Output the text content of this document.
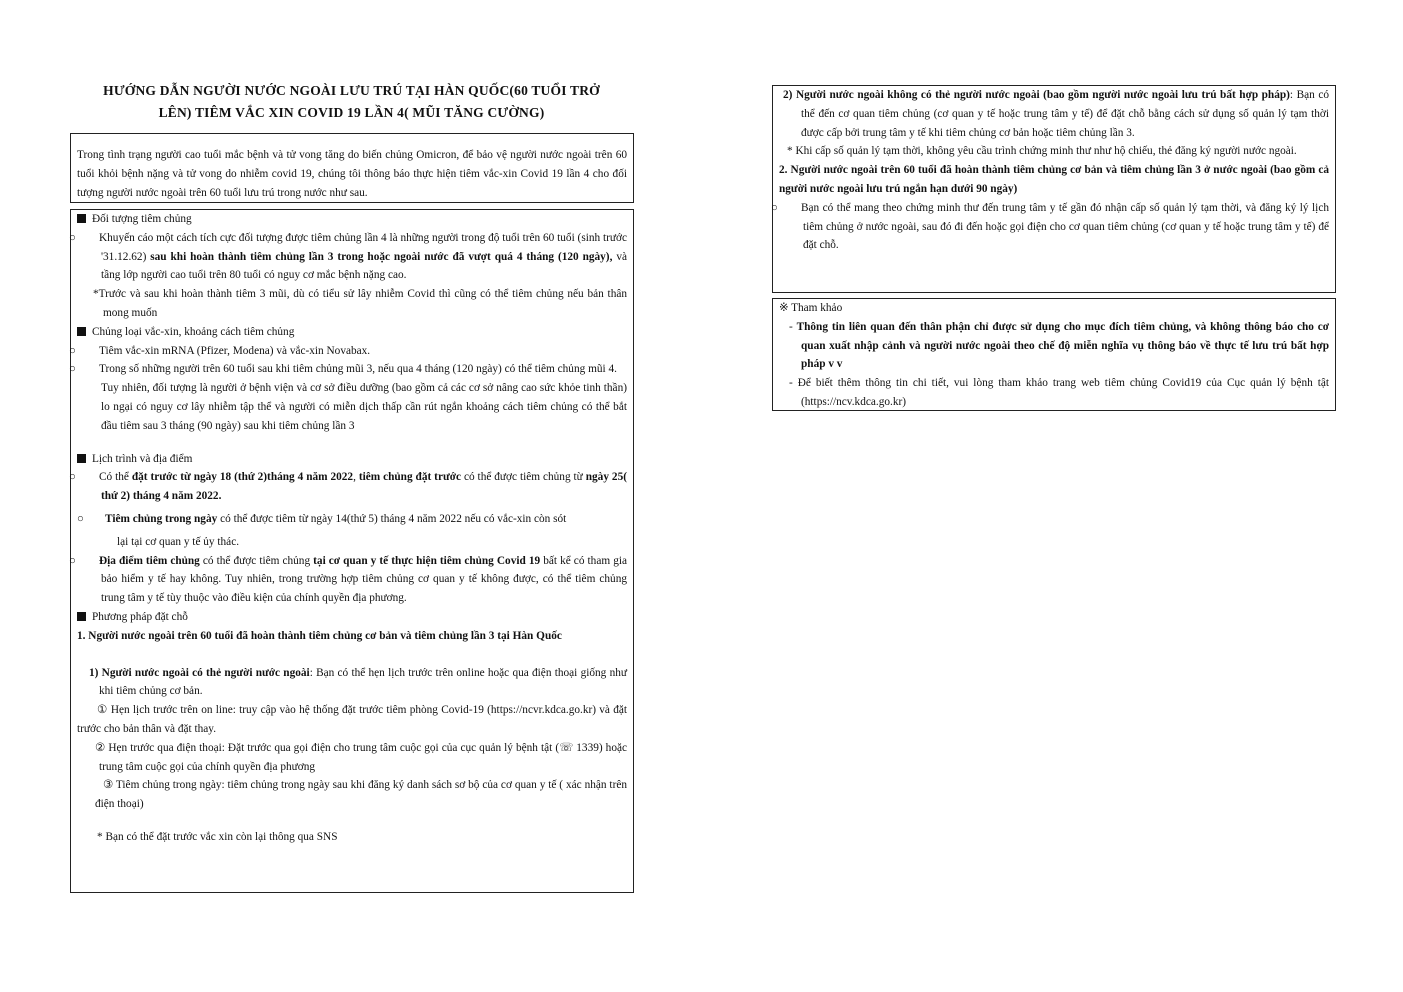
HƯỚNG DẪN NGƯỜI NƯỚC NGOÀI LƯU TRÚ TẠI HÀN QUỐC(60 TUỔI TRỞ
LÊN) TIÊM VẮC XIN COVID 19 LẦN 4( MŨI TĂNG CƯỜNG)

Trong tình trạng người cao tuổi mắc bệnh và tử vong tăng do biến chủng Omicron, để bảo vệ người nước ngoài trên 60 tuổi khỏi bệnh nặng và tử vong do nhiễm covid 19, chúng tôi thông báo thực hiện tiêm vắc-xin Covid 19 lần 4 cho đối tượng người nước ngoài trên 60 tuổi lưu trú trong nước như sau.

Đối tượng tiêm chủng

○ Khuyến cáo một cách tích cực đối tượng được tiêm chủng lần 4 là những người trong độ tuổi trên 60 tuổi (sinh trước '31.12.62) sau khi hoàn thành tiêm chủng lần 3 trong hoặc ngoài nước đã vượt quá 4 tháng (120 ngày), và tầng lớp người cao tuổi trên 80 tuổi có nguy cơ mắc bệnh nặng cao.

*Trước và sau khi hoàn thành tiêm 3 mũi, dù có tiểu sử lây nhiễm Covid thì cũng có thể tiêm chủng nếu bản thân mong muốn

Chủng loại vắc-xin, khoảng cách tiêm chủng

○ Tiêm vắc-xin mRNA (Pfizer, Modena) và vắc-xin Novabax.

○ Trong số những người trên 60 tuổi sau khi tiêm chủng mũi 3, nếu qua 4 tháng (120 ngày) có thể tiêm chủng mũi 4.

Tuy nhiên, đối tượng là người ở bệnh viện và cơ sở điều dưỡng (bao gồm cả các cơ sở nâng cao sức khỏe tinh thần) lo ngại có nguy cơ lây nhiễm tập thể và người có miễn dịch thấp cần rút ngắn khoảng cách tiêm chủng có thể bắt đầu tiêm sau 3 tháng (90 ngày) sau khi tiêm chủng lần 3

Lịch trình và địa điểm

○ Có thể đặt trước từ ngày 18 (thứ 2)tháng 4 năm 2022, tiêm chủng đặt trước có thể được tiêm chủng từ ngày 25( thứ 2) tháng 4 năm 2022.

○ Tiêm chủng trong ngày có thể được tiêm từ ngày 14(thứ 5) tháng 4 năm 2022 nếu có vắc-xin còn sót

lại tại cơ quan y tế ủy thác.

○ Địa điểm tiêm chủng có thể được tiêm chủng tại cơ quan y tế thực hiện tiêm chủng Covid 19 bất kể có tham gia bảo hiểm y tế hay không. Tuy nhiên, trong trường hợp tiêm chủng cơ quan y tế không được, có thể tiêm chủng trung tâm y tế tùy thuộc vào điều kiện của chính quyền địa phương.

Phương pháp đặt chỗ

1. Người nước ngoài trên 60 tuổi đã hoàn thành tiêm chủng cơ bản và tiêm chủng lần 3 tại Hàn Quốc

1) Người nước ngoài có thẻ người nước ngoài: Bạn có thể hẹn lịch trước trên online hoặc qua điện thoại giống như khi tiêm chủng cơ bản.

① Hẹn lịch trước trên on line: truy cập vào hệ thống đặt trước tiêm phòng Covid-19 (https://ncvr.kdca.go.kr) và đặt trước cho bản thân và đặt thay.

② Hẹn trước qua điện thoại: Đặt trước qua gọi điện cho trung tâm cuộc gọi của cục quản lý bệnh tật (☏ 1339) hoặc trung tâm cuộc gọi của chính quyền địa phương

③ Tiêm chủng trong ngày: tiêm chủng trong ngày sau khi đăng ký danh sách sơ bộ của cơ quan y tế ( xác nhận trên điện thoại)

* Bạn có thể đặt trước vắc xin còn lại thông qua SNS

2) Người nước ngoài không có thẻ người nước ngoài (bao gồm người nước ngoài lưu trú bất hợp pháp): Bạn có thể đến cơ quan tiêm chủng (cơ quan y tế hoặc trung tâm y tế) để đặt chỗ bằng cách sử dụng số quản lý tạm thời được cấp bởi trung tâm y tế khi tiêm chủng cơ bản hoặc tiêm chủng lần 3.

* Khi cấp số quản lý tạm thời, không yêu cầu trình chứng minh thư như hộ chiếu, thẻ đăng ký người nước ngoài.

2. Người nước ngoài trên 60 tuổi đã hoàn thành tiêm chủng cơ bản và tiêm chủng lần 3 ở nước ngoài (bao gồm cả người nước ngoài lưu trú ngắn hạn dưới 90 ngày)

○ Bạn có thể mang theo chứng minh thư đến trung tâm y tế gần đó nhận cấp số quản lý tạm thời, và đăng ký lý lịch tiêm chủng ở nước ngoài, sau đó đi đến hoặc gọi điện cho cơ quan tiêm chủng (cơ quan y tế hoặc trung tâm y tế) để đặt chỗ.

※ Tham khảo

- Thông tin liên quan đến thân phận chỉ được sử dụng cho mục đích tiêm chủng, và không thông báo cho cơ quan xuất nhập cảnh và người nước ngoài theo chế độ miễn nghĩa vụ thông báo về thực tế lưu trú bất hợp pháp v v

- Để biết thêm thông tin chi tiết, vui lòng tham khảo trang web tiêm chủng Covid19 của Cục quản lý bệnh tật (https://ncv.kdca.go.kr)
